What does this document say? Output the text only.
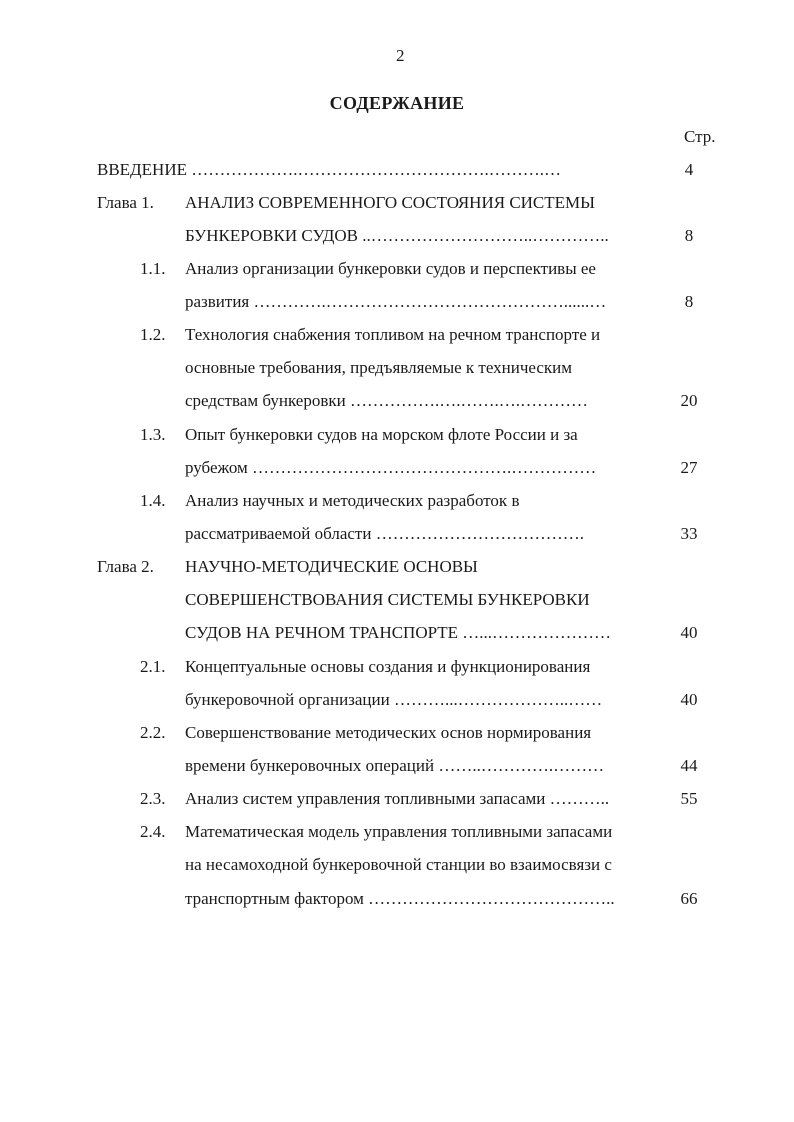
2
СОДЕРЖАНИЕ
Стр.
ВВЕДЕНИЕ ……………….…………………………….……….…	4
Глава 1. АНАЛИЗ СОВРЕМЕННОГО СОСТОЯНИЯ СИСТЕМЫ
БУНКЕРОВКИ СУДОВ ..………………………..…………..	8
1.1. Анализ организации бункеровки судов и перспективы ее
развития ………….……………………………………......…	8
1.2. Технология снабжения топливом на речном транспорте и
основные требования, предъявляемые к техническим
средствам бункеровки …………….….…….….…………	20
1.3. Опыт бункеровки судов на морском флоте России и за
рубежом ……………………………………….……………	27
1.4. Анализ научных и методических разработок в
рассматриваемой области ……………………………….	33
Глава 2. НАУЧНО-МЕТОДИЧЕСКИЕ ОСНОВЫ
СОВЕРШЕНСТВОВАНИЯ СИСТЕМЫ БУНКЕРОВКИ
СУДОВ НА РЕЧНОМ ТРАНСПОРТЕ …...…………………	40
2.1. Концептуальные основы создания и функционирования
бункеровочной организации ………...………………..……	40
2.2. Совершенствование методических основ нормирования
времени бункеровочных операций ……..………….………	44
2.3. Анализ систем управления топливными запасами ………..	55
2.4. Математическая модель управления топливными запасами
на несамоходной бункеровочной станции во взаимосвязи с
транспортным фактором ……………………………………..	66
